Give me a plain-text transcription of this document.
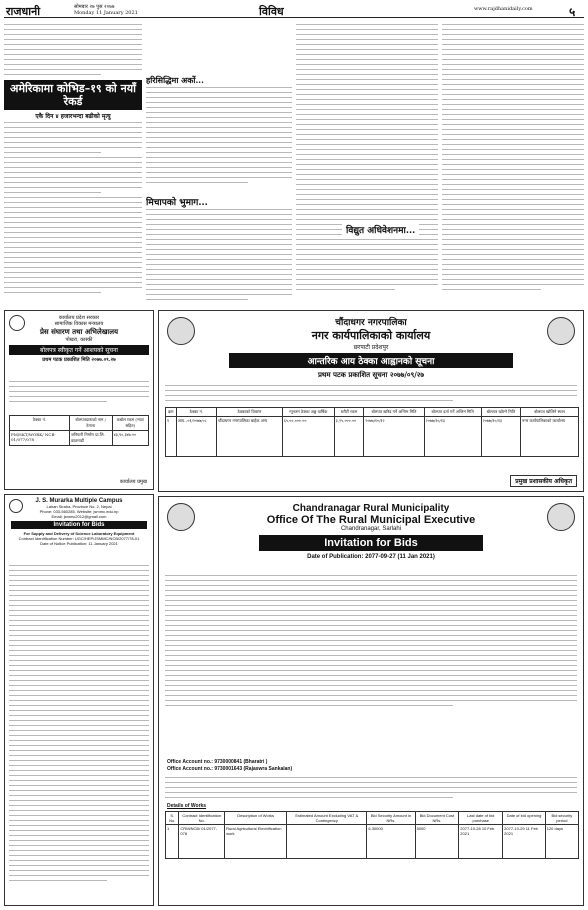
राजधानी	सोमबार २७ पुस २०७७
Monday 11 January 2021	विविध	www.rajdhanidaily.com	५
अमेरिकामा कोभिड–१९ को नयाँ रेकर्ड
एकै दिन ४ हजारभन्दा बढीको मृत्यु
हरिसिद्धिमा अर्को...
मिचापको भुमाग...
विद्युत अधिवेशनमा...
कार्यालय प्रदेश सरकार
सामाजिक विकास मन्त्रालय
प्रेस संघारण तथा अभिलेखालय
पोखरा, कास्की
बोलपत्र स्वीकृत गर्ने आशयको सूचना
प्रथम पटक प्रकाशित मिति २०७७.०९.२७
ठेक्का नं.	बोलपत्रदाताको नाम / ठेगाना	कबोल रकम (भ्याट सहित)
PM/SKT/WORK/ NCB-01/077/078	जनियारी निर्माण प्रा.लि. काठमाडौं	४३,९०,३४७.००
कार्यालय प्रमुख
J. S. Murarka Multiple Campus
Lahan Siraha, Province No. 2, Nepal
Phone: 033-560285, Website: jsmmc.edu.np
Email: jsmmc2012@gmail.com
Invitation for Bids
For Supply and Delivery of Science Laboratory Equipment
Contract Identification Number: UGC/HEP/JSMMC/NCB/2077/78-01
Date of Notice Publication: 11 January 2021
चौंदाधगर नगरपालिका
नगर कार्यपालिकाको कार्यालय
छरपाटी प्रदेशपुर
आन्तरिक आय ठेक्का आह्वानको सूचना
प्रथम पटक प्रकाशित सूचना २०७७/०९/२७
क्रम	ठेक्का नं.	ठेक्काको विवरण	न्यूनतम ठेक्का अङ्क वार्षिक	धरौटी रकम	बोलपत्र खरिद गर्ने अन्तिम मिति	बोलपत्र दर्ता गर्ने अन्तिम मिति	बोलपत्र खोल्ने मिति	बोलपत्र खोलिने स्थान
१	आय.–०१/२०७७/०८	चौंदाधगर नगरपालिका बाहेक अन्य	६५,००,०००.००	३,२५,०००.००	२०७७/१०/१२	२०७७/१०/१३	२०७७/१०/१३	नगर कार्यपालिकाको कार्यालय
प्रमुख प्रशासकीय अधिकृत
Chandranagar Rural Municipality
Office Of The Rural Municipal Executive
Chandranagar, Sarlahi
Invitation for Bids
Date of Publication: 2077-09-27 (11 Jan 2021)
Office Account no.: 9730000841 (Bharatri )
Office Account no.: 9730001643 (Rajaswra Sankalan)
Details of Works
S. No.	Contract Identification No.	Description of Works	Estimated Amount Excluding VAT & Contingency	Bid Security Amount in NRs.	Bid Document Cost NRs.	Last date of bid purchase	Date of bid opening	Bid security period
1	CRM/NCB/ 01/2077-078	Rural Agricultural Electrification work		6.30000	5000	2077-10-28 10 Feb 2021	2077-10-29 11 Feb 2021	120 days
